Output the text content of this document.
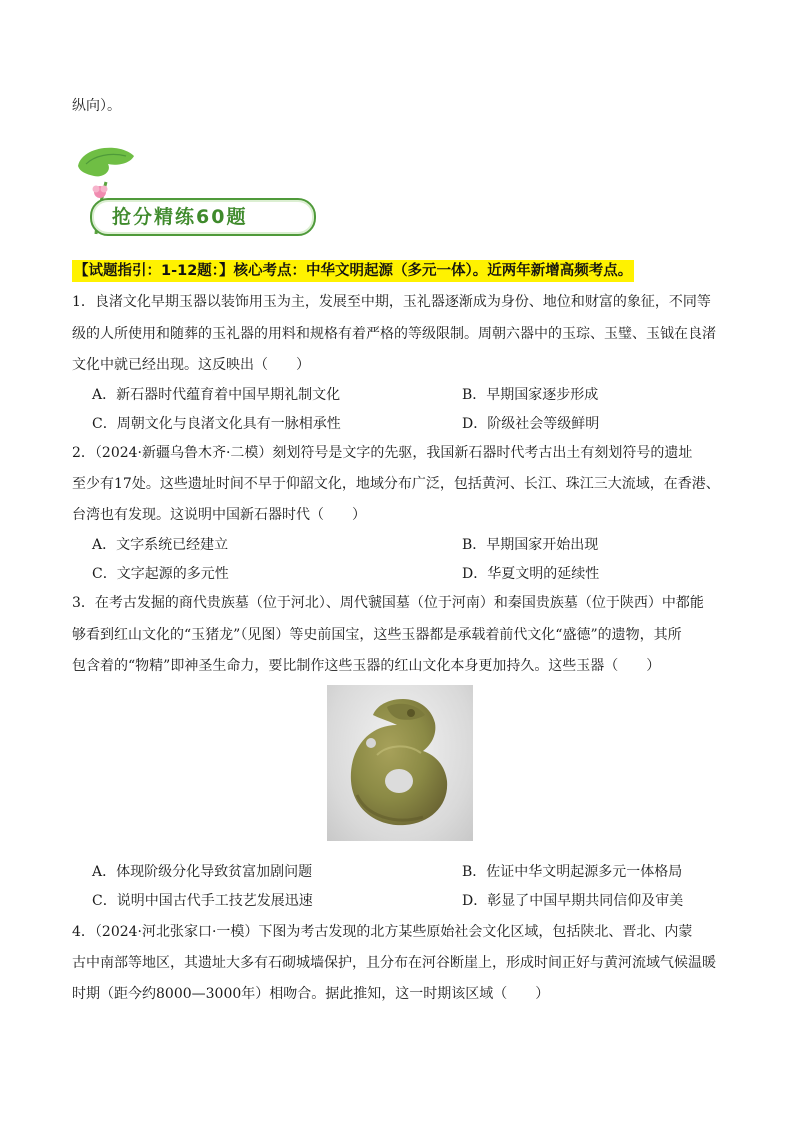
纵向）。
抢分精练60题
【试题指引：1-12题：】核心考点：中华文明起源（多元一体）。近两年新增高频考点。
1．良渚文化早期玉器以装饰用玉为主，发展至中期，玉礼器逐渐成为身份、地位和财富的象征，不同等
级的人所使用和随葬的玉礼器的用料和规格有着严格的等级限制。周朝六器中的玉琮、玉璧、玉钺在良渚
文化中就已经出现。这反映出（　　）
A．新石器时代蕴育着中国早期礼制文化	B．早期国家逐步形成
C．周朝文化与良渚文化具有一脉相承性	D．阶级社会等级鲜明
2．（2024·新疆乌鲁木齐·二模）刻划符号是文字的先驱，我国新石器时代考古出土有刻划符号的遗址
至少有17处。这些遗址时间不早于仰韶文化，地域分布广泛，包括黄河、长江、珠江三大流域，在香港、
台湾也有发现。这说明中国新石器时代（　　）
A．文字系统已经建立	B．早期国家开始出现
C．文字起源的多元性	D．华夏文明的延续性
3．在考古发掘的商代贵族墓（位于河北）、周代虢国墓（位于河南）和秦国贵族墓（位于陕西）中都能
够看到红山文化的“玉猪龙”（见图）等史前国宝，这些玉器都是承载着前代文化“盛德”的遗物，其所
包含着的“物精”即神圣生命力，要比制作这些玉器的红山文化本身更加持久。这些玉器（　　）
A．体现阶级分化导致贫富加剧问题	B．佐证中华文明起源多元一体格局
C．说明中国古代手工技艺发展迅速	D．彰显了中国早期共同信仰及审美
4．（2024·河北张家口·一模）下图为考古发现的北方某些原始社会文化区域，包括陕北、晋北、内蒙
古中南部等地区，其遗址大多有石砌城墙保护，且分布在河谷断崖上，形成时间正好与黄河流域气候温暖
时期（距今约8000—3000年）相吻合。据此推知，这一时期该区域（　　）
